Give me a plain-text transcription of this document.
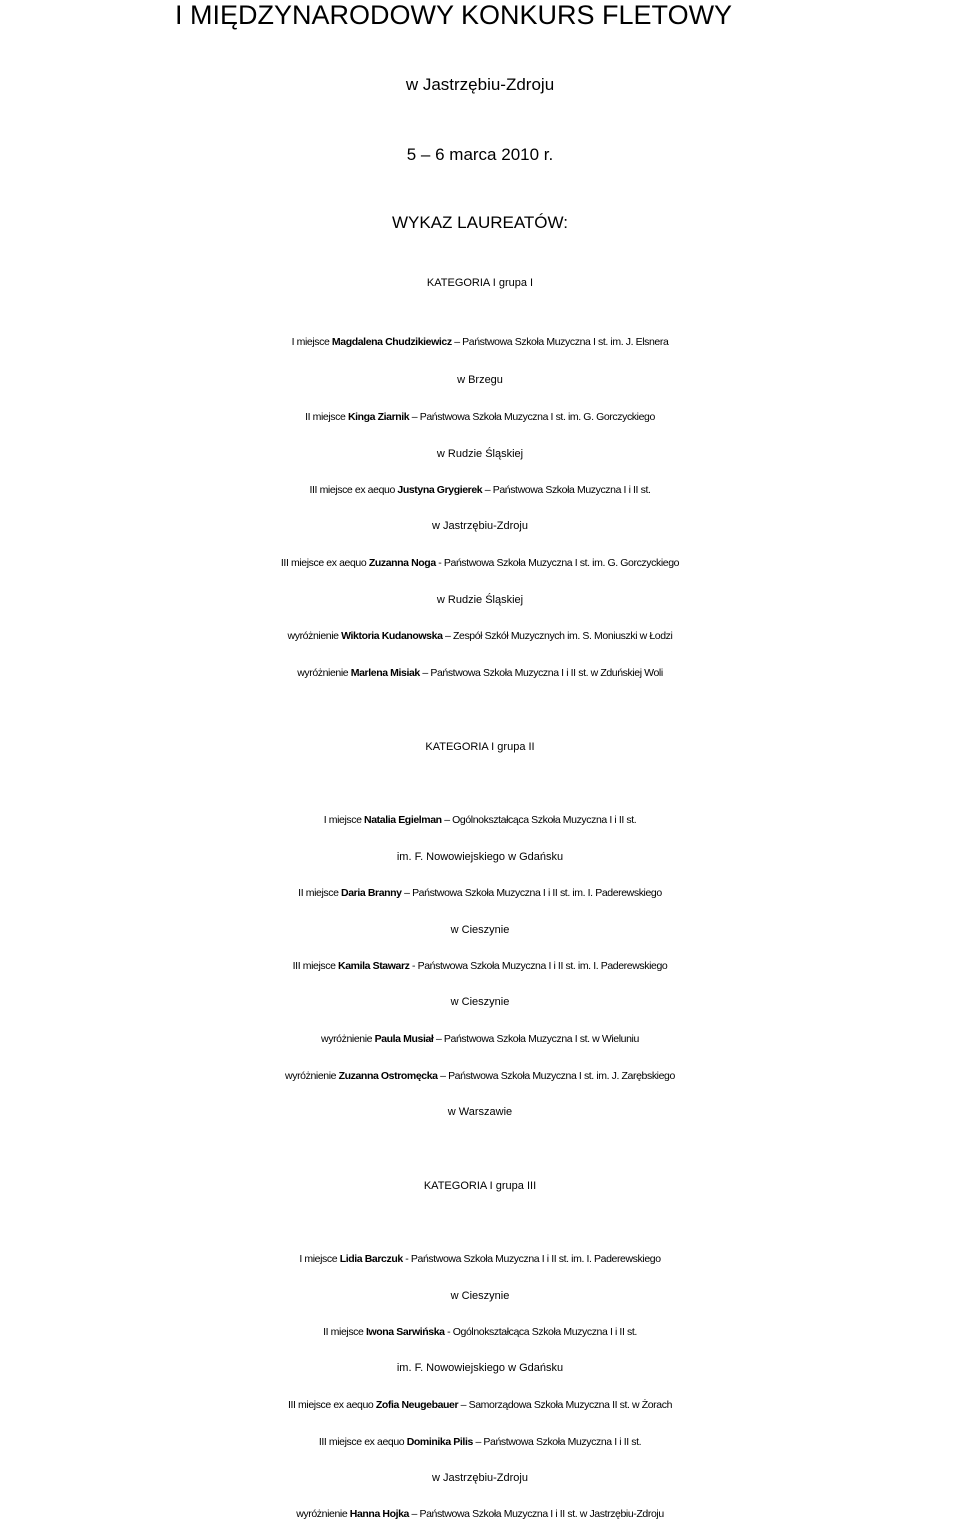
I MIĘDZYNARODOWY KONKURS FLETOWY
w Jastrzębiu-Zdroju
5 – 6 marca 2010 r.
WYKAZ LAUREATÓW:
KATEGORIA I grupa I
I miejsce Magdalena Chudzikiewicz – Państwowa Szkoła Muzyczna I st. im. J. Elsnera
w Brzegu
II miejsce Kinga Ziarnik – Państwowa Szkoła Muzyczna I st. im. G. Gorczyckiego
w Rudzie Śląskiej
III miejsce ex aequo Justyna Grygierek – Państwowa Szkoła Muzyczna I i II st.
w Jastrzębiu-Zdroju
III miejsce ex aequo Zuzanna Noga - Państwowa Szkoła Muzyczna I st. im. G. Gorczyckiego
w Rudzie Śląskiej
wyróżnienie Wiktoria Kudanowska – Zespół Szkół Muzycznych im. S. Moniuszki w Łodzi
wyróżnienie Marlena Misiak – Państwowa Szkoła Muzyczna I i II st. w Zduńskiej Woli
KATEGORIA I grupa II
I miejsce Natalia Egielman – Ogólnokształcąca Szkoła Muzyczna I i II st.
im. F. Nowowiejskiego w Gdańsku
II miejsce Daria Branny – Państwowa Szkoła Muzyczna I i II st. im. I. Paderewskiego
w Cieszynie
III miejsce Kamila Stawarz - Państwowa Szkoła Muzyczna I i II st. im. I. Paderewskiego
w Cieszynie
wyróżnienie Paula Musiał – Państwowa Szkoła Muzyczna I st. w Wieluniu
wyróżnienie Zuzanna Ostromęcka – Państwowa Szkoła Muzyczna I st. im. J. Zarębskiego
w Warszawie
KATEGORIA I grupa III
I miejsce Lidia Barczuk - Państwowa Szkoła Muzyczna I i II st. im. I. Paderewskiego
w Cieszynie
II miejsce Iwona Sarwińska - Ogólnokształcąca Szkoła Muzyczna I i II st.
im. F. Nowowiejskiego w Gdańsku
III miejsce ex aequo Zofia Neugebauer – Samorządowa Szkoła Muzyczna II st. w Żorach
III miejsce ex aequo Dominika Pilis – Państwowa Szkoła Muzyczna I i II st.
w Jastrzębiu-Zdroju
wyróżnienie Hanna Hojka – Państwowa Szkoła Muzyczna I i II st. w Jastrzębiu-Zdroju
